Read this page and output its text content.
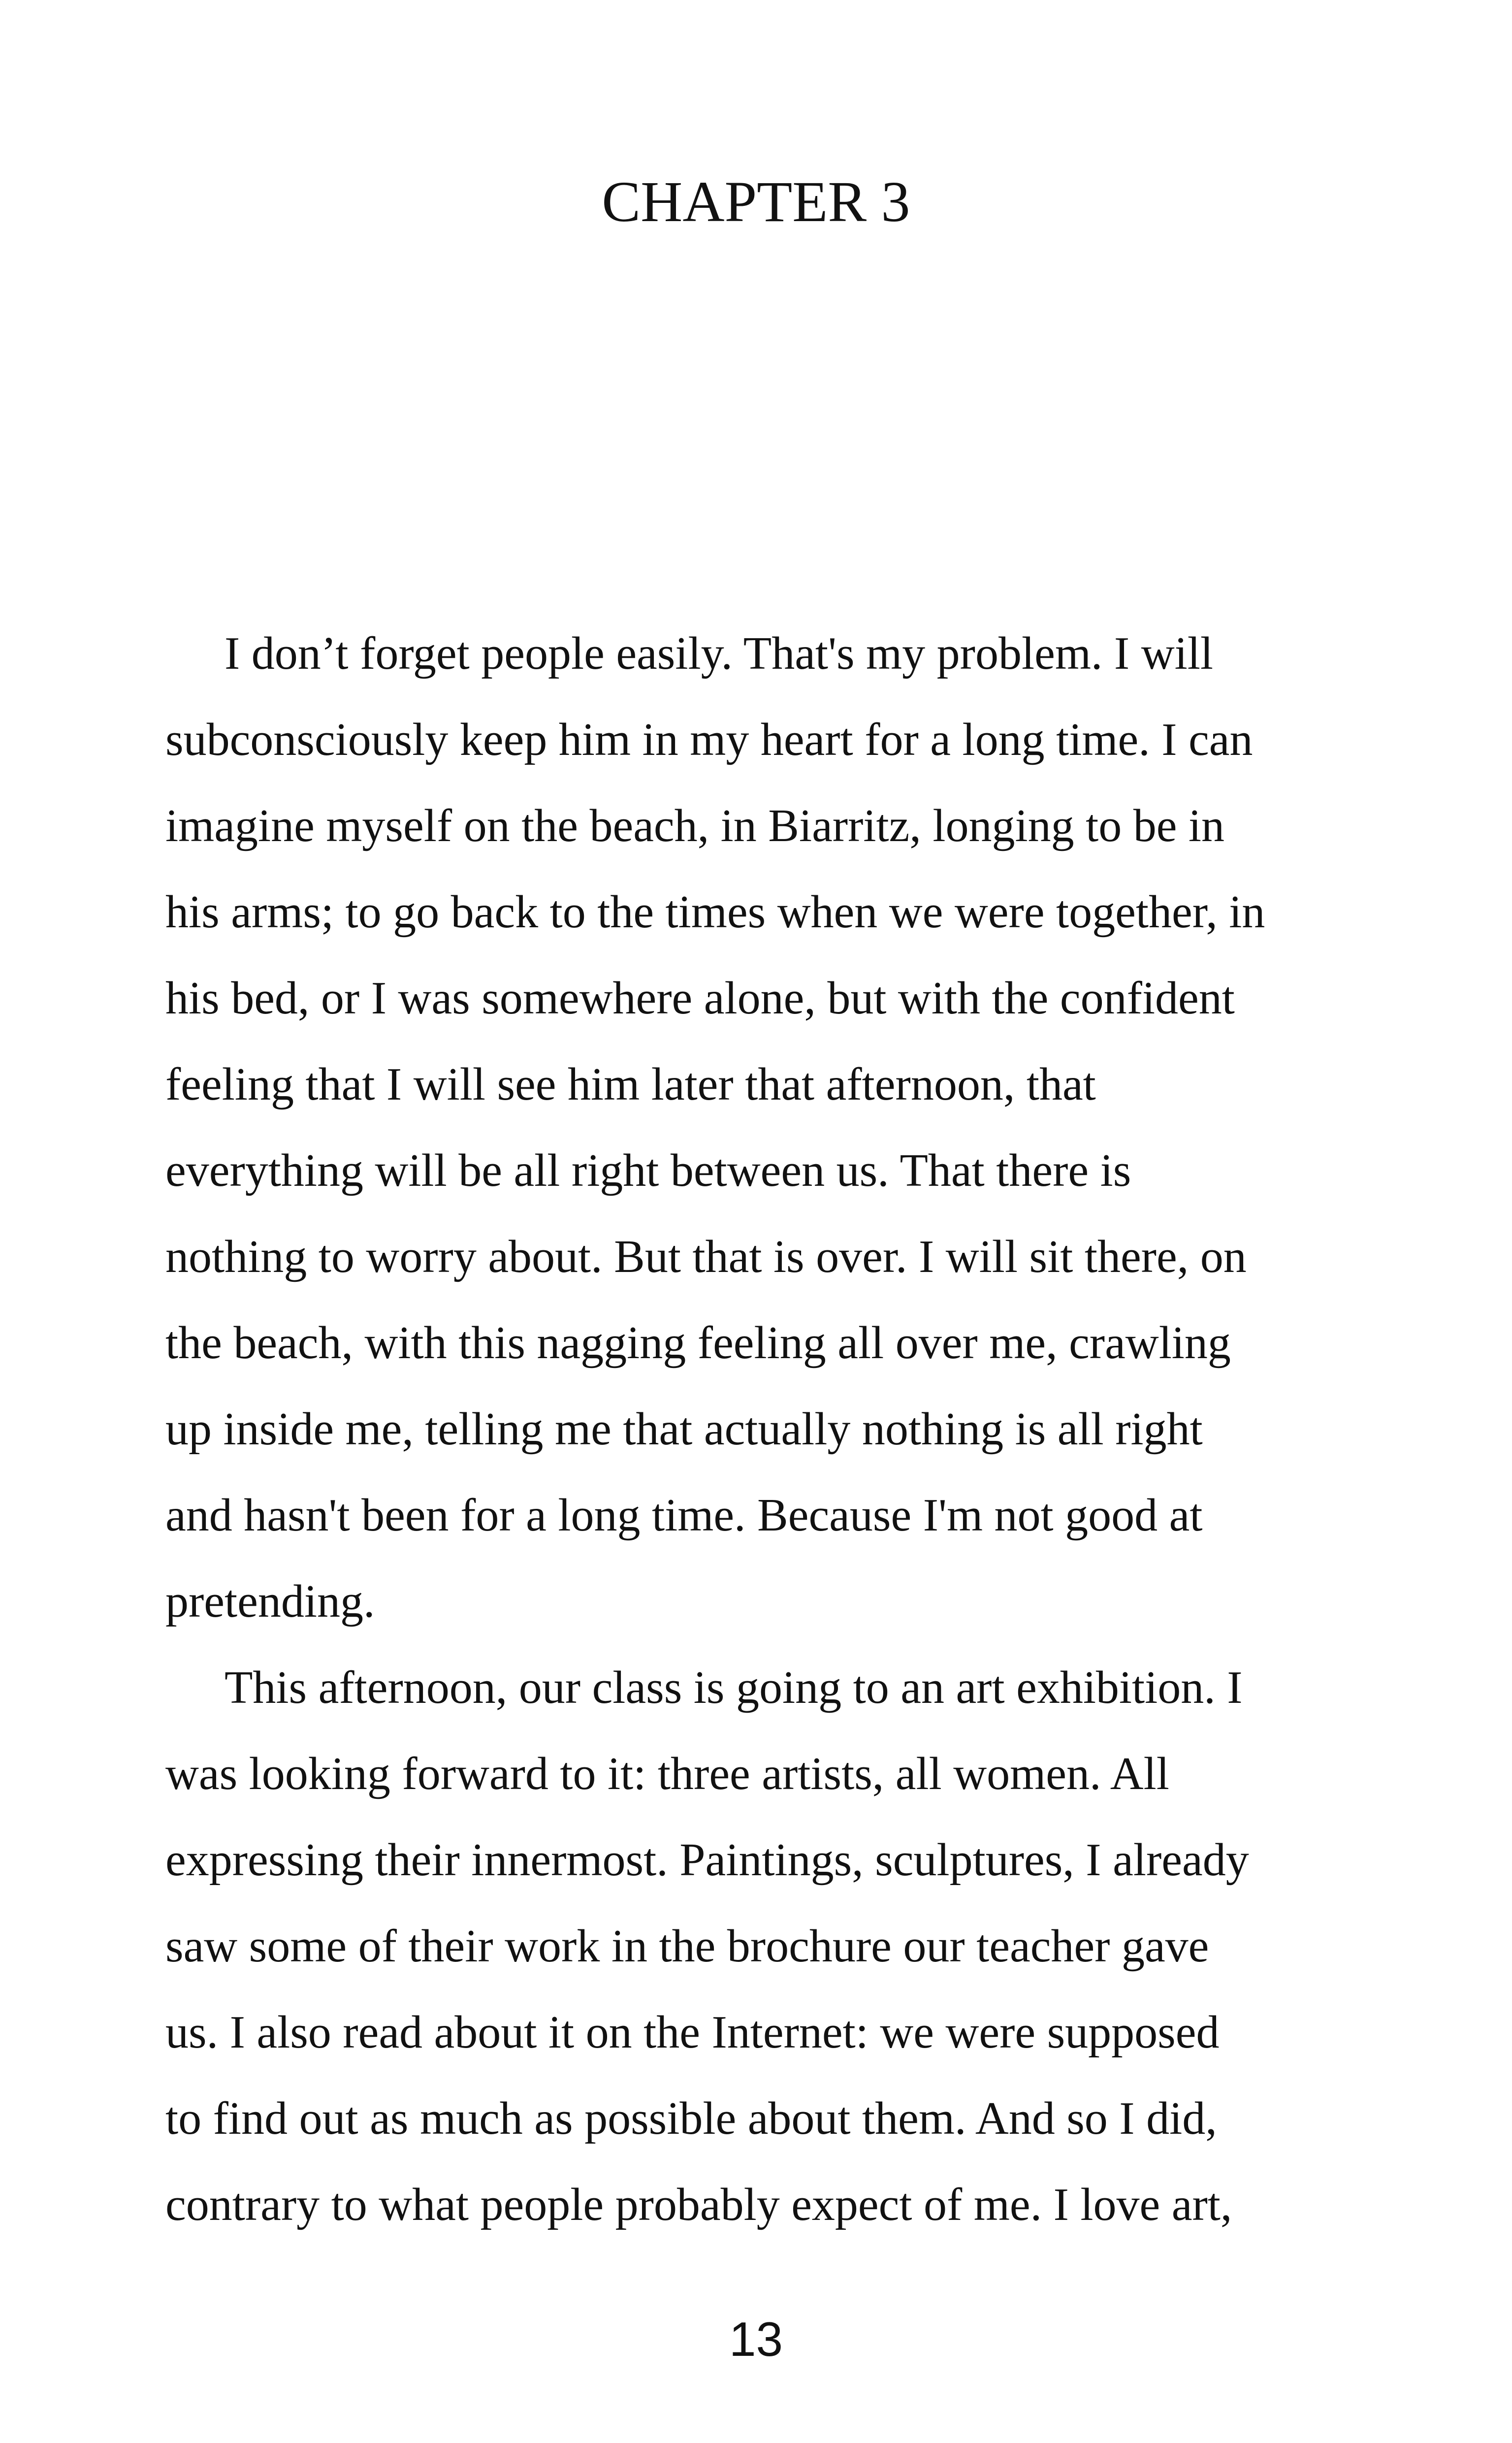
CHAPTER 3
I don’t forget people easily. That's my problem. I will
subconsciously keep him in my heart for a long time. I can
imagine myself on the beach, in Biarritz, longing to be in
his arms; to go back to the times when we were together, in
his bed, or I was somewhere alone, but with the confident
feeling that I will see him later that afternoon, that
everything will be all right between us. That there is
nothing to worry about. But that is over. I will sit there, on
the beach, with this nagging feeling all over me, crawling
up inside me, telling me that actually nothing is all right
and hasn't been for a long time. Because I'm not good at
pretending.
This afternoon, our class is going to an art exhibition. I
was looking forward to it: three artists, all women. All
expressing their innermost. Paintings, sculptures, I already
saw some of their work in the brochure our teacher gave
us. I also read about it on the Internet: we were supposed
to find out as much as possible about them. And so I did,
contrary to what people probably expect of me. I love art,
13
